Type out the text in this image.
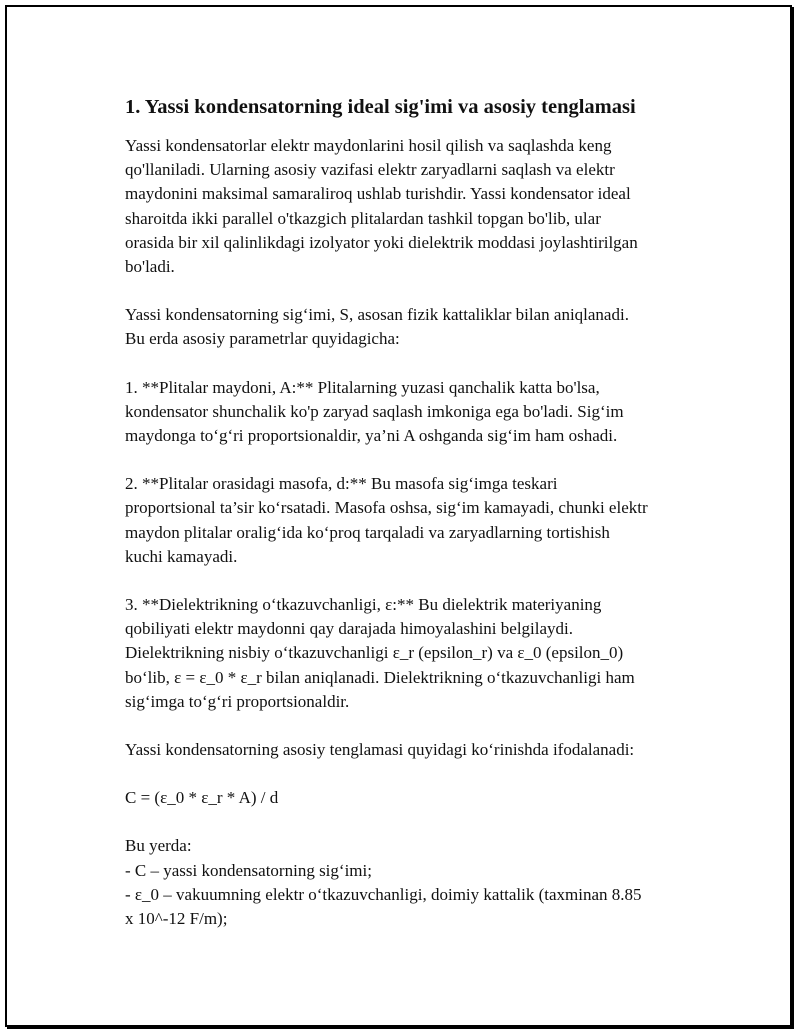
1. Yassi kondensatorning ideal sig'imi va asosiy tenglamasi
Yassi kondensatorlar elektr maydonlarini hosil qilish va saqlashda keng
qo'llaniladi. Ularning asosiy vazifasi elektr zaryadlarni saqlash va elektr
maydonini maksimal samaraliroq ushlab turishdir. Yassi kondensator ideal
sharoitda ikki parallel o'tkazgich plitalardan tashkil topgan bo'lib, ular
orasida bir xil qalinlikdagi izolyator yoki dielektrik moddasi joylashtirilgan
bo'ladi.
Yassi kondensatorning sig‘imi, S, asosan fizik kattaliklar bilan aniqlanadi.
Bu erda asosiy parametrlar quyidagicha:
1. **Plitalar maydoni, A:** Plitalarning yuzasi qanchalik katta bo'lsa,
kondensator shunchalik ko'p zaryad saqlash imkoniga ega bo'ladi. Sig‘im
maydonga to‘g‘ri proportsionaldir, ya’ni A oshganda sig‘im ham oshadi.
2. **Plitalar orasidagi masofa, d:** Bu masofa sig‘imga teskari
proportsional ta’sir ko‘rsatadi. Masofa oshsa, sig‘im kamayadi, chunki elektr
maydon plitalar oralig‘ida ko‘proq tarqaladi va zaryadlarning tortishish
kuchi kamayadi.
3. **Dielektrikning o‘tkazuvchanligi, ε:** Bu dielektrik materiyaning
qobiliyati elektr maydonni qay darajada himoyalashini belgilaydi.
Dielektrikning nisbiy o‘tkazuvchanligi ε_r (epsilon_r) va ε_0 (epsilon_0)
bo‘lib, ε = ε_0 * ε_r bilan aniqlanadi. Dielektrikning o‘tkazuvchanligi ham
sig‘imga to‘g‘ri proportsionaldir.
Yassi kondensatorning asosiy tenglamasi quyidagi ko‘rinishda ifodalanadi:
C = (ε_0 * ε_r * A) / d
Bu yerda:
- C – yassi kondensatorning sig‘imi;
- ε_0 – vakuumning elektr o‘tkazuvchanligi, doimiy kattalik (taxminan 8.85
x 10^-12 F/m);
